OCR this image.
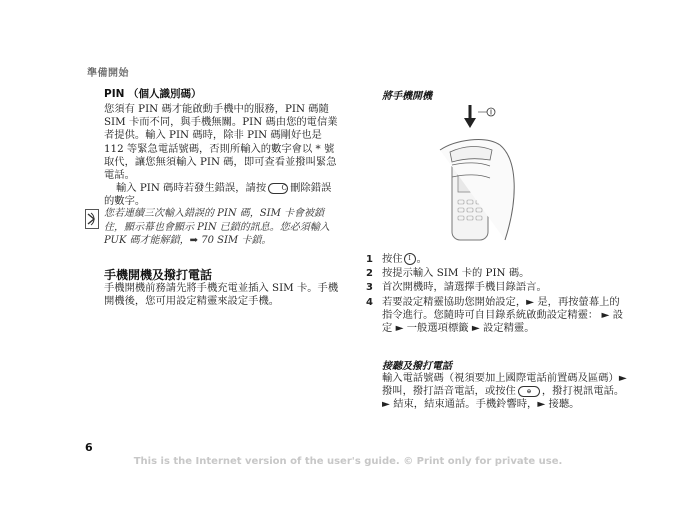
準備開始

PIN （個人識別碼）

您須有 PIN 碼才能啟動手機中的服務，PIN 碼隨 SIM 卡而不同，與手機無關。PIN 碼由您的電信業者提供。輸入 PIN 碼時，除非 PIN 碼剛好也是 112 等緊急電話號碼，否則所輸入的數字會以 * 號取代，讓您無須輸入 PIN 碼，即可查看並撥叫緊急電話。

輸入 PIN 碼時若發生錯誤，請按 C 刪除錯誤的數字。

您若連續三次輸入錯誤的 PIN 碼，SIM 卡會被鎖住，顯示幕也會顯示 PIN 已鎖的訊息。您必須輸入 PUK 碼才能解鎖，➡ 70 SIM 卡鎖。

手機開機及撥打電話

手機開機前務請先將手機充電並插入 SIM 卡。手機開機後，您可用設定精靈來設定手機。

將手機開機
1 按住 I 。
2 按提示輸入 SIM 卡的 PIN 碼。
3 首次開機時，請選擇手機目錄語言。
4 若要設定精靈協助您開始設定，► 是，再按螢幕上的指令進行。您隨時可自目錄系統啟動設定精靈： ► 設定 ► 一般選項標籤 ► 設定精靈。
接聽及撥打電話

輸入電話號碼（視須要加上國際電話前置碼及區碼）► 撥叫，撥打語音電話，或按住 ⊕ ，撥打視訊電話。► 結束，結束通話。手機鈴響時，► 接聽。

6
This is the Internet version of the user's guide. © Print only for private use.
